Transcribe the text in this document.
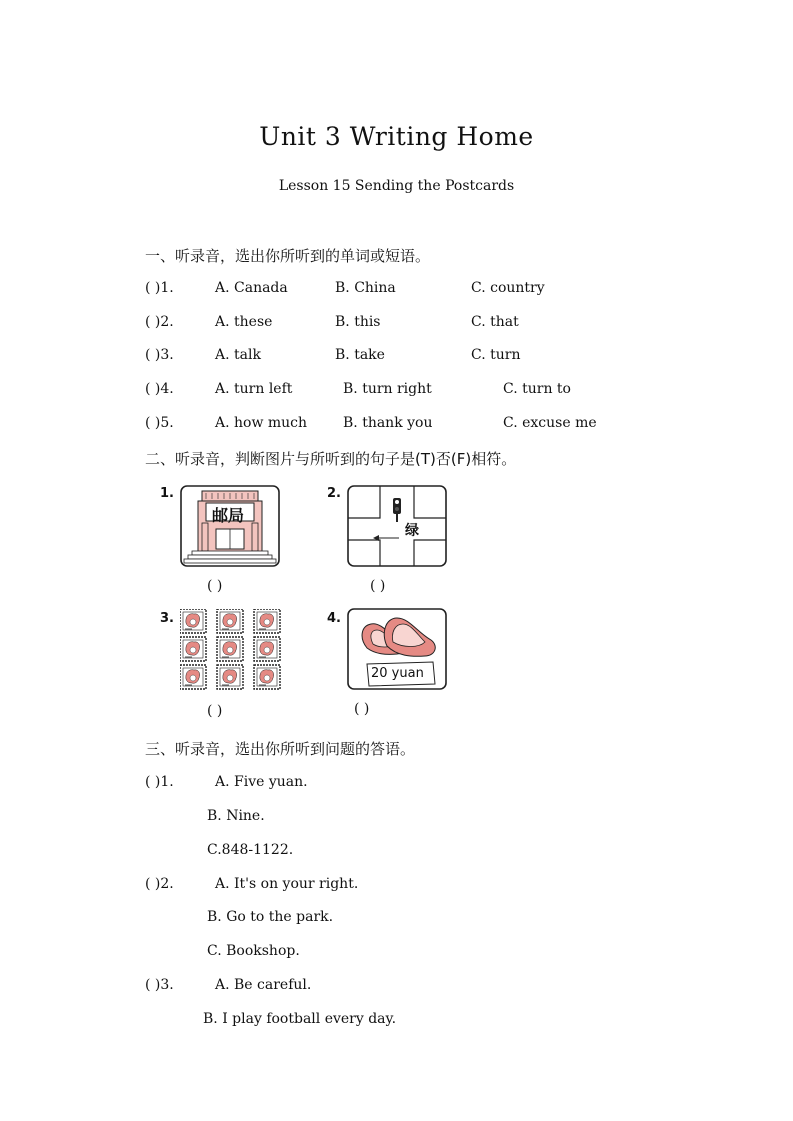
Unit 3 Writing Home
Lesson 15 Sending the Postcards
一、听录音，选出你所听到的单词或短语。
( )1.	A. Canada	B. China	C. country
( )2.	A. these	B. this	C. that
( )3.	A. talk	B. take	C. turn
( )4.	A. turn left	B. turn right	C. turn to
( )5.	A. how much	B. thank you	C. excuse me
二、听录音，判断图片与所听到的句子是(T)否(F)相符。
1.
邮局
( )
2.
绿
( )
3.
( )
4.
20 yuan
( )
三、听录音，选出你所听到问题的答语。
( )1.	A. Five yuan.
B. Nine.
C.848-1122.
( )2.	A. It's on your right.
B. Go to the park.
C. Bookshop.
( )3.	A. Be careful.
B. I play football every day.
